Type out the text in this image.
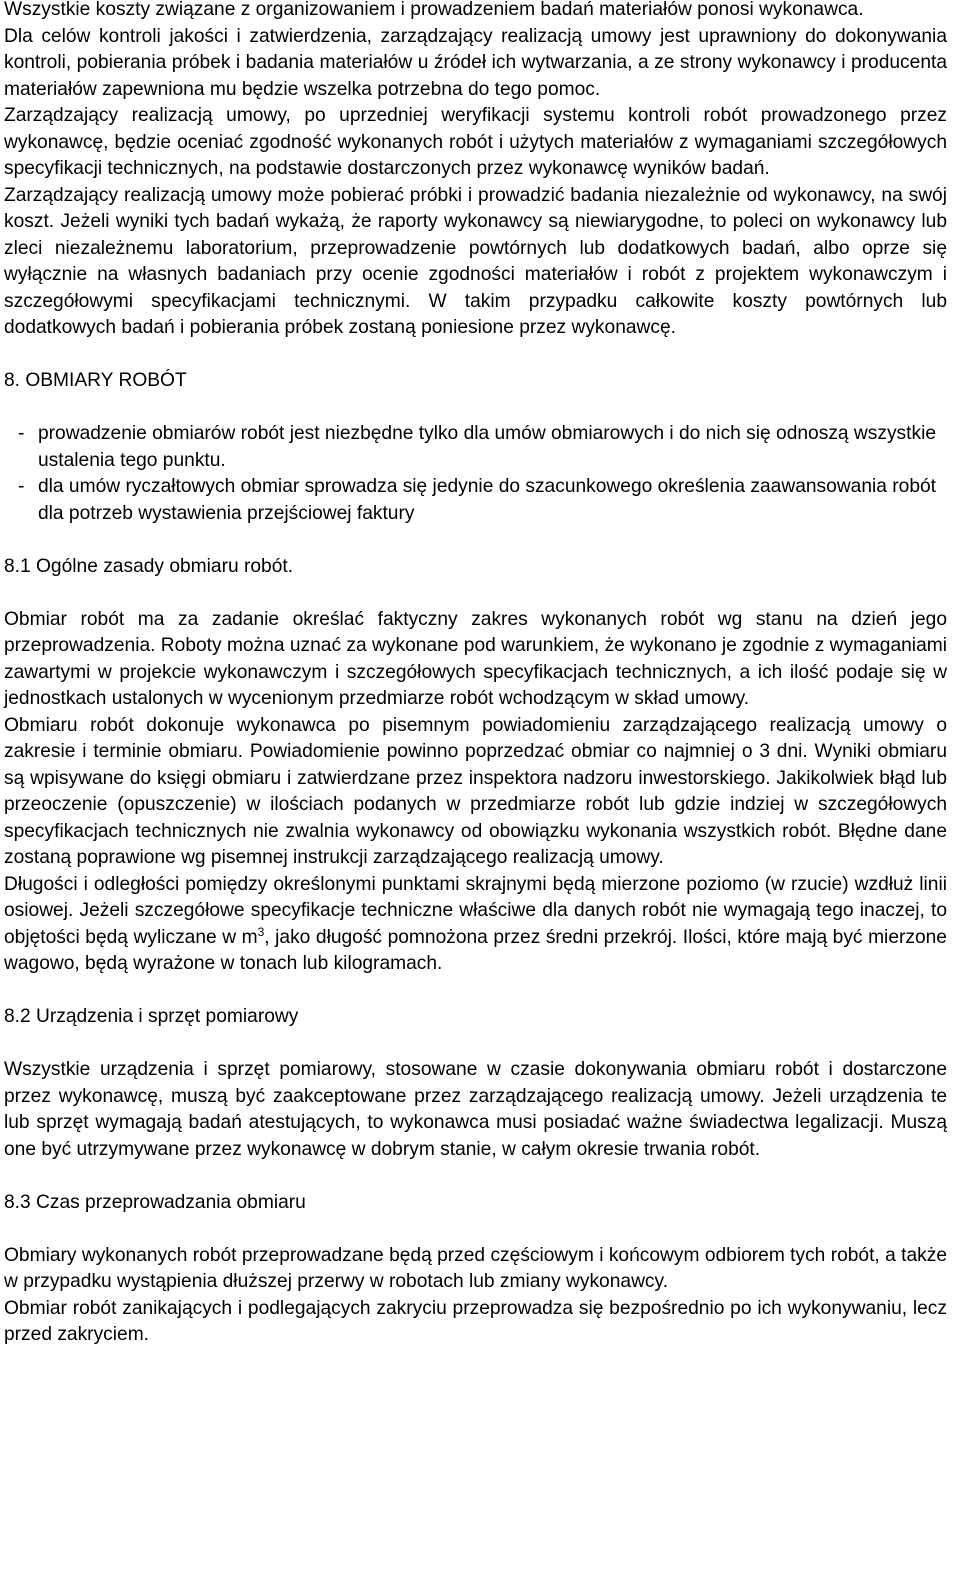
Wszystkie koszty związane z organizowaniem i prowadzeniem badań materiałów ponosi wykonawca.

Dla celów kontroli jakości i zatwierdzenia, zarządzający realizacją umowy jest uprawniony do dokonywania kontroli, pobierania próbek i badania materiałów u źródeł ich wytwarzania, a ze strony wykonawcy i producenta materiałów zapewniona mu będzie wszelka potrzebna do tego pomoc.

Zarządzający realizacją umowy, po uprzedniej weryfikacji systemu kontroli robót prowadzonego przez wykonawcę, będzie oceniać zgodność wykonanych robót i użytych materiałów z wymaganiami szczegółowych specyfikacji technicznych, na podstawie dostarczonych przez wykonawcę wyników badań.

Zarządzający realizacją umowy może pobierać próbki i prowadzić badania niezależnie od wykonawcy, na swój koszt. Jeżeli wyniki tych badań wykażą, że raporty wykonawcy są niewiarygodne, to poleci on wykonawcy lub zleci niezależnemu laboratorium, przeprowadzenie powtórnych lub dodatkowych badań, albo oprze się wyłącznie na własnych badaniach przy ocenie zgodności materiałów i robót z projektem wykonawczym i szczegółowymi specyfikacjami technicznymi. W takim przypadku całkowite koszty powtórnych lub dodatkowych badań i pobierania próbek zostaną poniesione przez wykonawcę.

8. OBMIARY ROBÓT

- prowadzenie obmiarów robót jest niezbędne tylko dla umów obmiarowych i do nich się odnoszą wszystkie ustalenia tego punktu.

- dla umów ryczałtowych obmiar sprowadza się jedynie do szacunkowego określenia zaawansowania robót dla potrzeb wystawienia przejściowej faktury

8.1 Ogólne zasady obmiaru robót.

Obmiar robót ma za zadanie określać faktyczny zakres wykonanych robót wg stanu na dzień jego przeprowadzenia. Roboty można uznać za wykonane pod warunkiem, że wykonano je zgodnie z wymaganiami zawartymi w projekcie wykonawczym i szczegółowych specyfikacjach technicznych, a ich ilość podaje się w jednostkach ustalonych w wycenionym przedmiarze robót wchodzącym w skład umowy.

Obmiaru robót dokonuje wykonawca po pisemnym powiadomieniu zarządzającego realizacją umowy o zakresie i terminie obmiaru. Powiadomienie powinno poprzedzać obmiar co najmniej o 3 dni. Wyniki obmiaru są wpisywane do księgi obmiaru i zatwierdzane przez inspektora nadzoru inwestorskiego. Jakikolwiek błąd lub przeoczenie (opuszczenie) w ilościach podanych w przedmiarze robót lub gdzie indziej w szczegółowych specyfikacjach technicznych nie zwalnia wykonawcy od obowiązku wykonania wszystkich robót. Błędne dane zostaną poprawione wg pisemnej instrukcji zarządzającego realizacją umowy.

Długości i odległości pomiędzy określonymi punktami skrajnymi będą mierzone poziomo (w rzucie) wzdłuż linii osiowej. Jeżeli szczegółowe specyfikacje techniczne właściwe dla danych robót nie wymagają tego inaczej, to objętości będą wyliczane w $m^3$, jako długość pomnożona przez średni przekrój. Ilości, które mają być mierzone wagowo, będą wyrażone w tonach lub kilogramach.

8.2 Urządzenia i sprzęt pomiarowy

Wszystkie urządzenia i sprzęt pomiarowy, stosowane w czasie dokonywania obmiaru robót i dostarczone przez wykonawcę, muszą być zaakceptowane przez zarządzającego realizacją umowy. Jeżeli urządzenia te lub sprzęt wymagają badań atestujących, to wykonawca musi posiadać ważne świadectwa legalizacji. Muszą one być utrzymywane przez wykonawcę w dobrym stanie, w całym okresie trwania robót.

8.3 Czas przeprowadzania obmiaru

Obmiary wykonanych robót przeprowadzane będą przed częściowym i końcowym odbiorem tych robót, a także w przypadku wystąpienia dłuższej przerwy w robotach lub zmiany wykonawcy.

Obmiar robót zanikających i podlegających zakryciu przeprowadza się bezpośrednio po ich wykonywaniu, lecz przed zakryciem.
